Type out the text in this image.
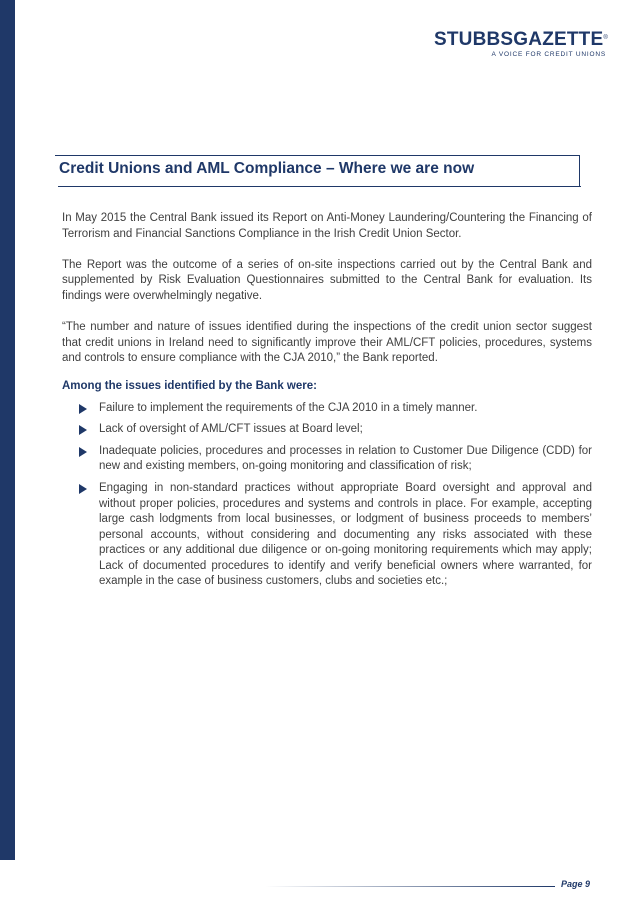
STUBBSGAZETTE®
A VOICE FOR CREDIT UNIONS
Credit Unions and AML Compliance – Where we are now

In May 2015 the Central Bank issued its Report on Anti-Money Laundering/Countering the Financing of Terrorism and Financial Sanctions Compliance in the Irish Credit Union Sector.

The Report was the outcome of a series of on-site inspections carried out by the Central Bank and supplemented by Risk Evaluation Questionnaires submitted to the Central Bank for evaluation. Its findings were overwhelmingly negative.

“The number and nature of issues identified during the inspections of the credit union sector suggest that credit unions in Ireland need to significantly improve their AML/CFT policies, procedures, systems and controls to ensure compliance with the CJA 2010,” the Bank reported.

Among the issues identified by the Bank were:
Failure to implement the requirements of the CJA 2010 in a timely manner.
Lack of oversight of AML/CFT issues at Board level;
Inadequate policies, procedures and processes in relation to Customer Due Diligence (CDD) for new and existing members, on-going monitoring and classification of risk;
Engaging in non-standard practices without appropriate Board oversight and approval and without proper policies, procedures and systems and controls in place. For example, accepting large cash lodgments from local businesses, or lodgment of business proceeds to members’ personal accounts, without considering and documenting any risks associated with these practices or any additional due diligence or on-going monitoring requirements which may apply; Lack of documented procedures to identify and verify beneficial owners where warranted, for example in the case of business customers, clubs and societies etc.;
Page 9
